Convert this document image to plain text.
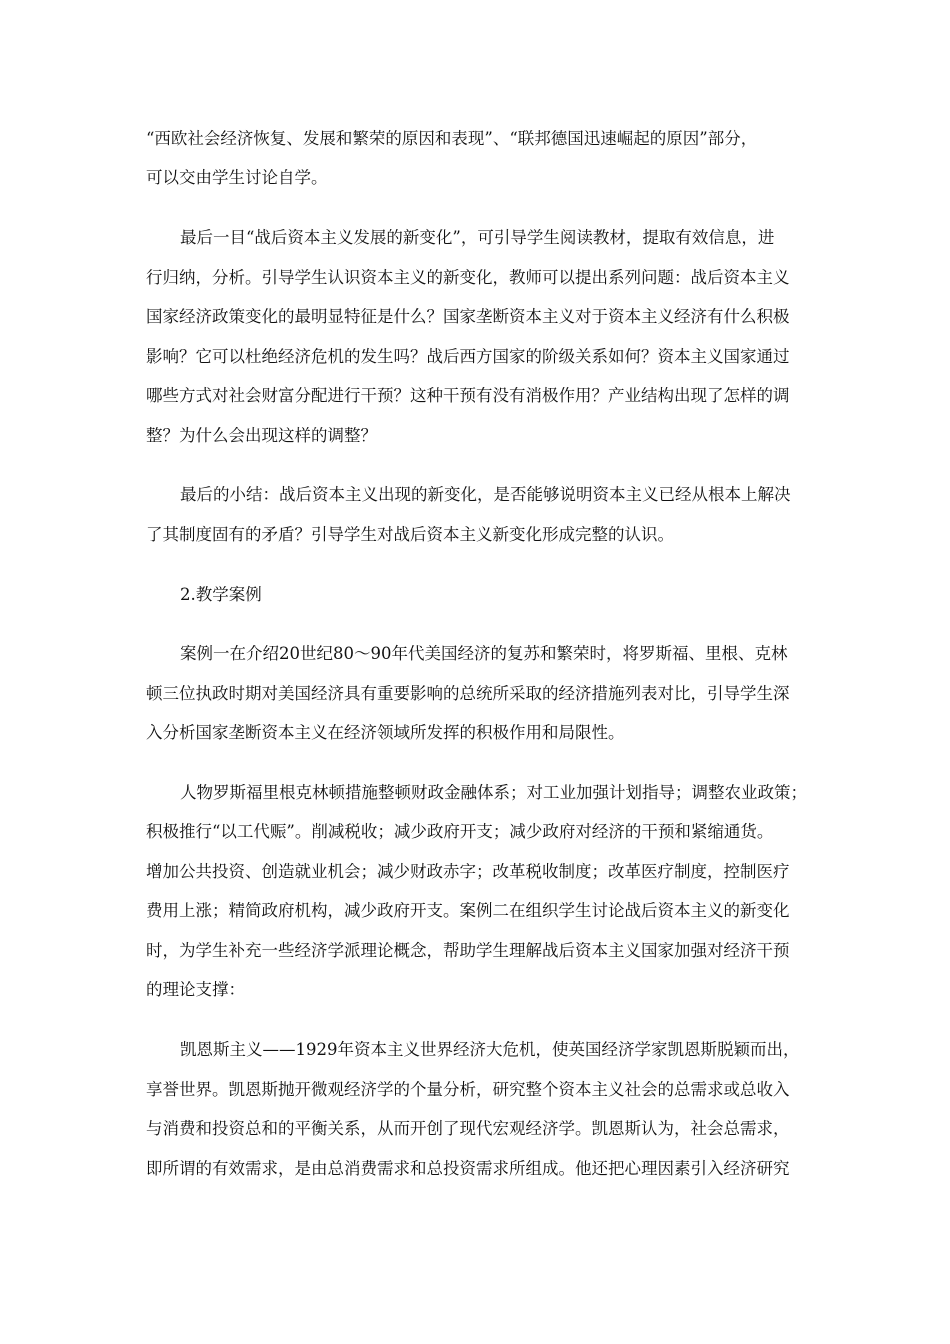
“西欧社会经济恢复、发展和繁荣的原因和表现”、“联邦德国迅速崛起的原因”部分，

可以交由学生讨论自学。

最后一目“战后资本主义发展的新变化”，可引导学生阅读教材，提取有效信息，进

行归纳，分析。引导学生认识资本主义的新变化，教师可以提出系列问题：战后资本主义

国家经济政策变化的最明显特征是什么？国家垄断资本主义对于资本主义经济有什么积极

影响？它可以杜绝经济危机的发生吗？战后西方国家的阶级关系如何？资本主义国家通过

哪些方式对社会财富分配进行干预？这种干预有没有消极作用？产业结构出现了怎样的调

整？为什么会出现这样的调整？

最后的小结：战后资本主义出现的新变化，是否能够说明资本主义已经从根本上解决

了其制度固有的矛盾？引导学生对战后资本主义新变化形成完整的认识。

2.教学案例

案例一在介绍20世纪80～90年代美国经济的复苏和繁荣时，将罗斯福、里根、克林

顿三位执政时期对美国经济具有重要影响的总统所采取的经济措施列表对比，引导学生深

入分析国家垄断资本主义在经济领域所发挥的积极作用和局限性。

人物罗斯福里根克林顿措施整顿财政金融体系；对工业加强计划指导；调整农业政策；

积极推行“以工代赈”。削减税收；减少政府开支；减少政府对经济的干预和紧缩通货。

增加公共投资、创造就业机会；减少财政赤字；改革税收制度；改革医疗制度，控制医疗

费用上涨；精简政府机构，减少政府开支。案例二在组织学生讨论战后资本主义的新变化

时，为学生补充一些经济学派理论概念，帮助学生理解战后资本主义国家加强对经济干预

的理论支撑：

凯恩斯主义——1929年资本主义世界经济大危机，使英国经济学家凯恩斯脱颖而出，

享誉世界。凯恩斯抛开微观经济学的个量分析，研究整个资本主义社会的总需求或总收入

与消费和投资总和的平衡关系，从而开创了现代宏观经济学。凯恩斯认为，社会总需求，

即所谓的有效需求，是由总消费需求和总投资需求所组成。他还把心理因素引入经济研究
